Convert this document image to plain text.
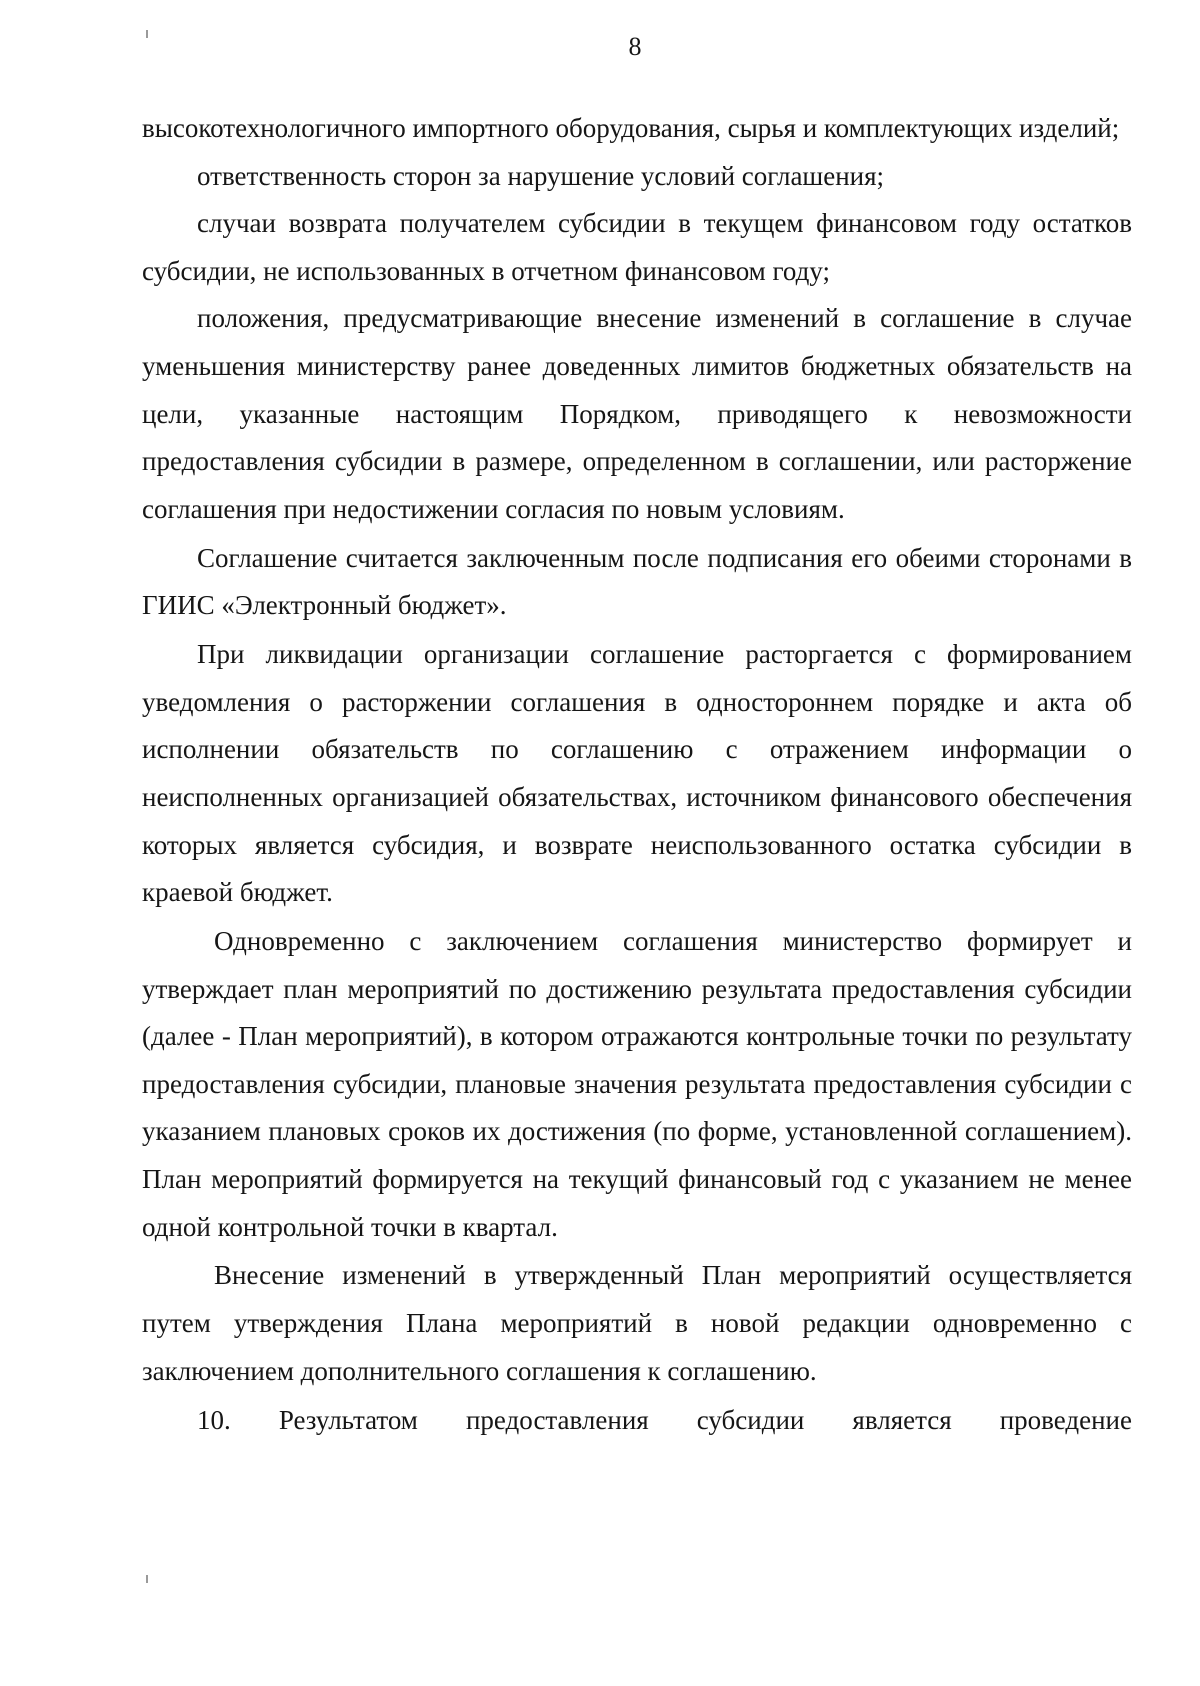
8

высокотехнологичного импортного оборудования, сырья и комплектующих изделий;

ответственность сторон за нарушение условий соглашения;

случаи возврата получателем субсидии в текущем финансовом году остатков субсидии, не использованных в отчетном финансовом году;

положения, предусматривающие внесение изменений в соглашение в случае уменьшения министерству ранее доведенных лимитов бюджетных обязательств на цели, указанные настоящим Порядком, приводящего к невозможности предоставления субсидии в размере, определенном в соглашении, или расторжение соглашения при недостижении согласия по новым условиям.

Соглашение считается заключенным после подписания его обеими сторонами в ГИИС «Электронный бюджет».

При ликвидации организации соглашение расторгается с формированием уведомления о расторжении соглашения в одностороннем порядке и акта об исполнении обязательств по соглашению с отражением информации о неисполненных организацией обязательствах, источником финансового обеспечения которых является субсидия, и возврате неиспользованного остатка субсидии в краевой бюджет.

Одновременно с заключением соглашения министерство формирует и утверждает план мероприятий по достижению результата предоставления субсидии (далее - План мероприятий), в котором отражаются контрольные точки по результату предоставления субсидии, плановые значения результата предоставления субсидии с указанием плановых сроков их достижения (по форме, установленной соглашением). План мероприятий формируется на текущий финансовый год с указанием не менее одной контрольной точки в квартал.

Внесение изменений в утвержденный План мероприятий осуществляется путем утверждения Плана мероприятий в новой редакции одновременно с заключением дополнительного соглашения к соглашению.

10. Результатом предоставления субсидии является проведение
